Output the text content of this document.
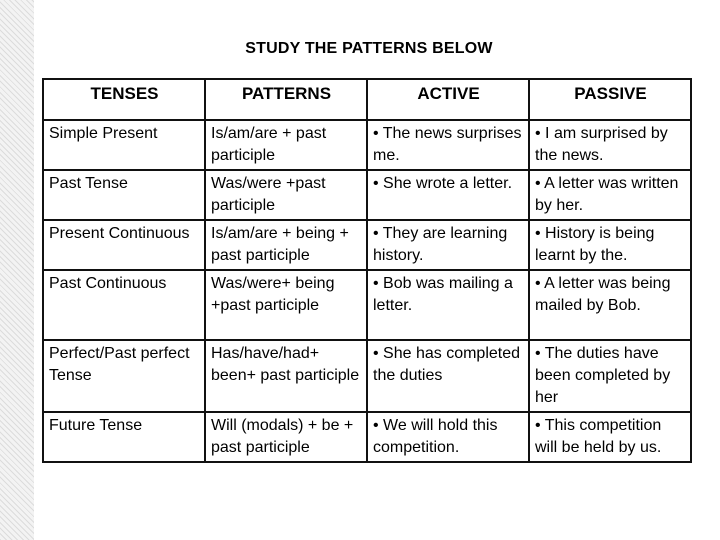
STUDY THE PATTERNS BELOW
TENSES	PATTERNS	ACTIVE	PASSIVE
Simple Present	Is/am/are + past participle	• The news surprises me.	• I am surprised by the news.
Past Tense	Was/were +past participle	• She wrote a letter.	• A letter was written by her.
Present Continuous	Is/am/are + being + past participle	• They are learning history.	• History is being learnt by the.
Past Continuous	Was/were+ being +past participle	• Bob was mailing a letter.	• A letter was being mailed by Bob.
Perfect/Past perfect Tense	Has/have/had+ been+ past participle	• She has completed the duties	• The duties have been completed by her
Future Tense	Will (modals) + be + past participle	• We will hold this competition.	• This competition will be held by us.
